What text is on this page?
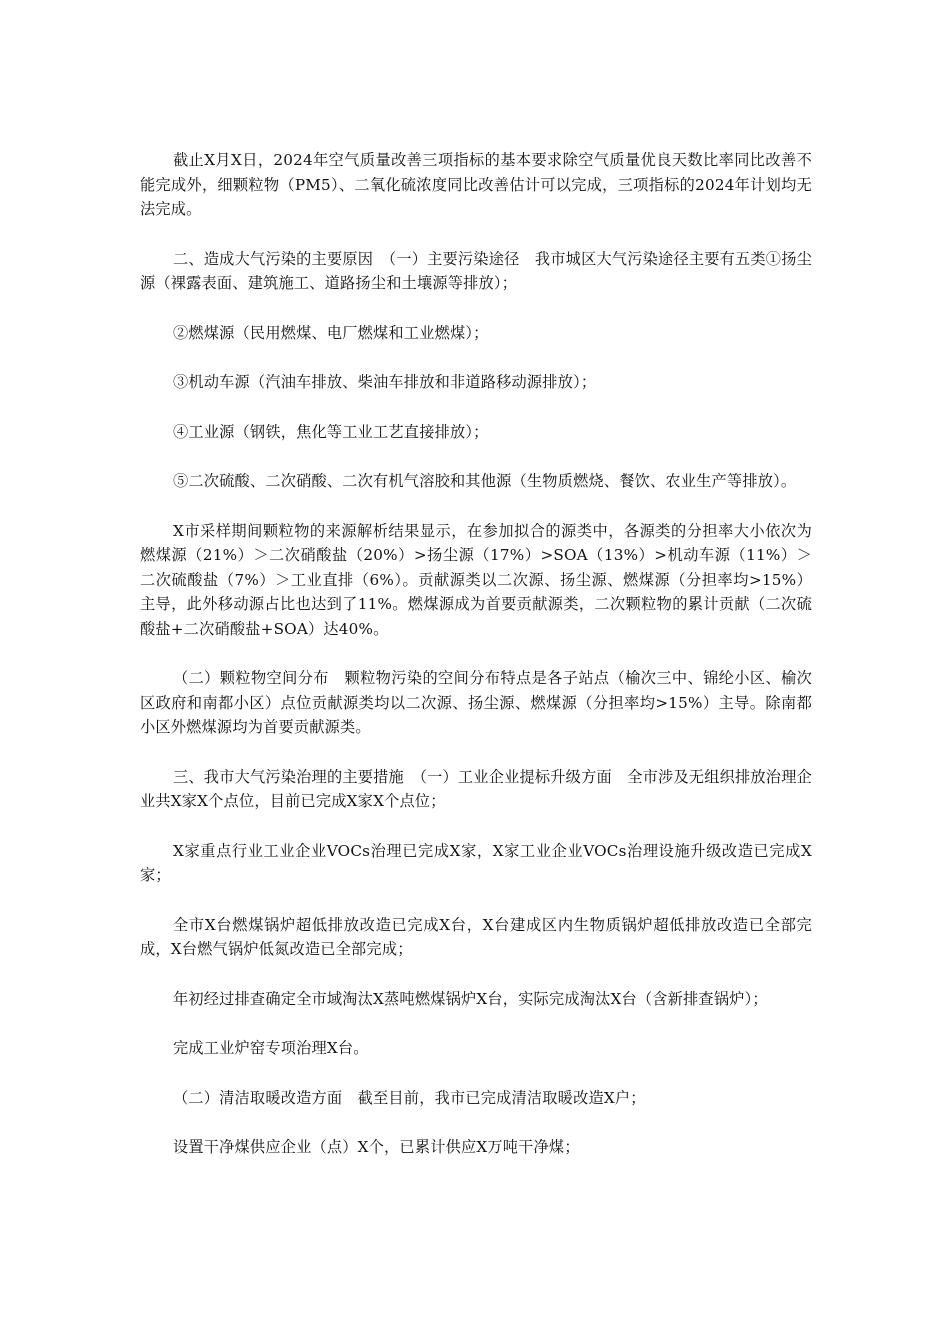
截止X月X日，2024年空气质量改善三项指标的基本要求除空气质量优良天数比率同比改善不能完成外，细颗粒物（PM5）、二氧化硫浓度同比改善估计可以完成，三项指标的2024年计划均无法完成。

二、造成大气污染的主要原因　（一）主要污染途径　我市城区大气污染途径主要有五类①扬尘源（裸露表面、建筑施工、道路扬尘和土壤源等排放）；

②燃煤源（民用燃煤、电厂燃煤和工业燃煤）；

③机动车源（汽油车排放、柴油车排放和非道路移动源排放）；

④工业源（钢铁，焦化等工业工艺直接排放）；

⑤二次硫酸、二次硝酸、二次有机气溶胶和其他源（生物质燃烧、餐饮、农业生产等排放）。

X市采样期间颗粒物的来源解析结果显示，在参加拟合的源类中，各源类的分担率大小依次为燃煤源（21%）＞二次硝酸盐（20%）>扬尘源（17%）>SOA（13%）>机动车源（11%）＞二次硫酸盐（7%）＞工业直排（6%）。贡献源类以二次源、扬尘源、燃煤源（分担率均>15%）主导，此外移动源占比也达到了11%。燃煤源成为首要贡献源类，二次颗粒物的累计贡献（二次硫酸盐+二次硝酸盐+SOA）达40%。

（二）颗粒物空间分布　颗粒物污染的空间分布特点是各子站点（榆次三中、锦纶小区、榆次区政府和南都小区）点位贡献源类均以二次源、扬尘源、燃煤源（分担率均>15%）主导。除南都小区外燃煤源均为首要贡献源类。

三、我市大气污染治理的主要措施　（一）工业企业提标升级方面　全市涉及无组织排放治理企业共X家X个点位，目前已完成X家X个点位；

X家重点行业工业企业VOCs治理已完成X家，X家工业企业VOCs治理设施升级改造已完成X家；

全市X台燃煤锅炉超低排放改造已完成X台，X台建成区内生物质锅炉超低排放改造已全部完成，X台燃气锅炉低氮改造已全部完成；

年初经过排查确定全市域淘汰X蒸吨燃煤锅炉X台，实际完成淘汰X台（含新排查锅炉）；

完成工业炉窑专项治理X台。

（二）清洁取暖改造方面　截至目前，我市已完成清洁取暖改造X户；

设置干净煤供应企业（点）X个，已累计供应X万吨干净煤；
